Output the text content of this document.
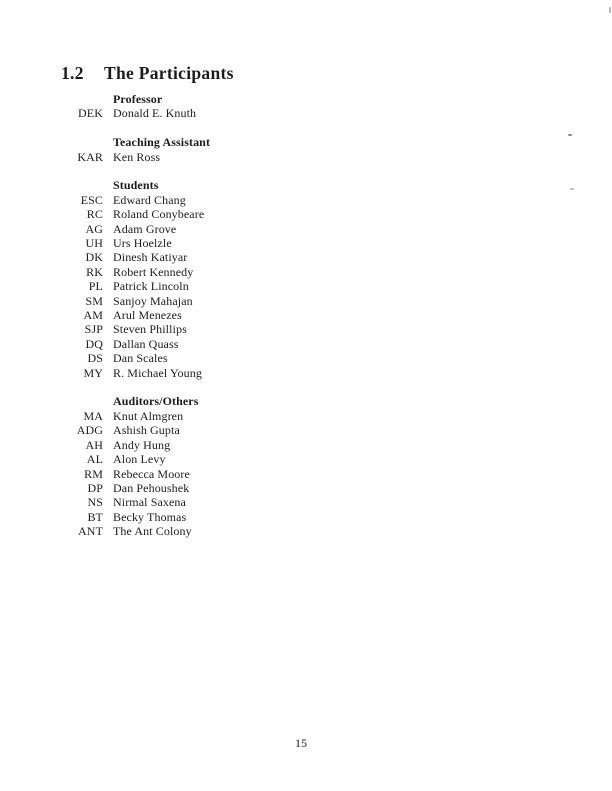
1.2 The Participants
Professor
DEK Donald E. Knuth
Teaching Assistant
KAR Ken Ross
Students
ESC Edward Chang
RC Roland Conybeare
AG Adam Grove
UH Urs Hoelzle
DK Dinesh Katiyar
RK Robert Kennedy
PL Patrick Lincoln
SM Sanjoy Mahajan
AM Arul Menezes
SJP Steven Phillips
DQ Dallan Quass
DS Dan Scales
MY R. Michael Young
Auditors/Others
MA Knut Almgren
ADG Ashish Gupta
AH Andy Hung
AL Alon Levy
RM Rebecca Moore
DP Dan Pehoushek
NS Nirmal Saxena
BT Becky Thomas
ANT The Ant Colony
15
